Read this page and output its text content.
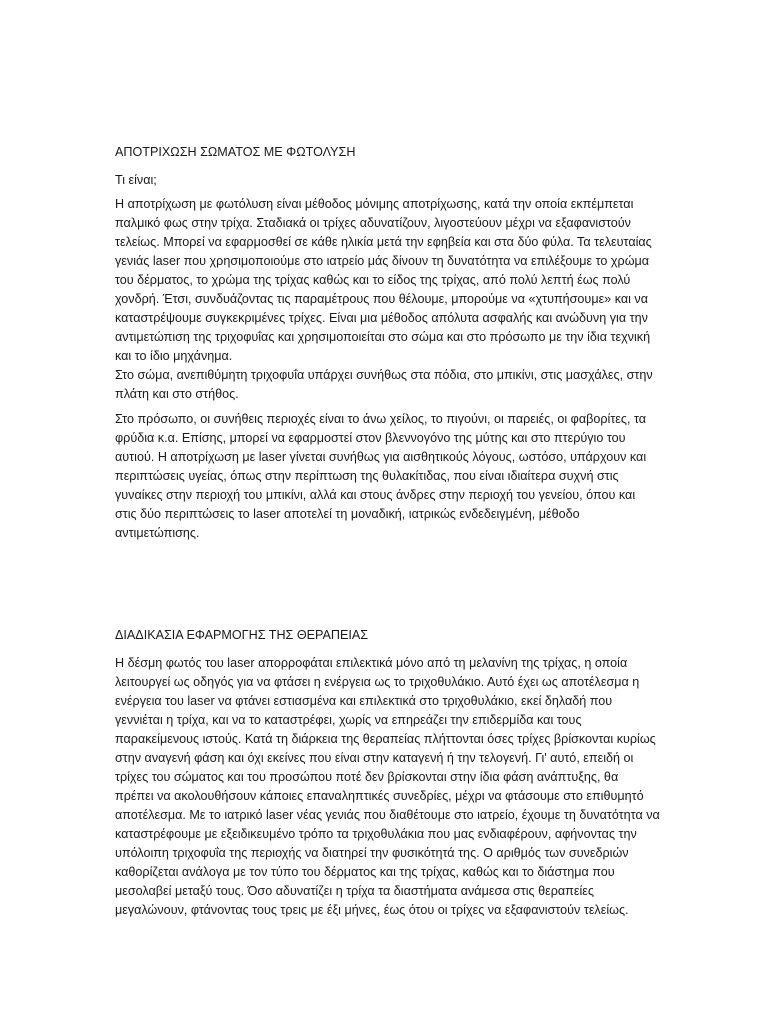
ΑΠΟΤΡΙΧΩΣΗ ΣΩΜΑΤΟΣ ΜΕ ΦΩΤΟΛΥΣΗ

Τι είναι;

Η αποτρίχωση με φωτόλυση είναι μέθοδος μόνιμης αποτρίχωσης, κατά την οποία εκπέμπεται παλμικό φως στην τρίχα. Σταδιακά οι τρίχες αδυνατίζουν, λιγοστεύουν μέχρι να εξαφανιστούν τελείως. Μπορεί να εφαρμοσθεί σε κάθε ηλικία μετά την εφηβεία και στα δύο φύλα. Τα τελευταίας γενιάς laser που χρησιμοποιούμε στο ιατρείο μάς δίνουν τη δυνατότητα να επιλέξουμε το χρώμα του δέρματος, το χρώμα της τρίχας καθώς και το είδος της τρίχας, από πολύ λεπτή έως πολύ χονδρή. Έτσι, συνδυάζοντας τις παραμέτρους που θέλουμε, μπορούμε να «χτυπήσουμε» και να καταστρέψουμε συγκεκριμένες τρίχες. Είναι μια μέθοδος απόλυτα ασφαλής και ανώδυνη για την αντιμετώπιση της τριχοφυΐας και χρησιμοποιείται στο σώμα και στο πρόσωπο με την ίδια τεχνική και το ίδιο μηχάνημα.

Στο σώμα, ανεπιθύμητη τριχοφυΐα υπάρχει συνήθως στα πόδια, στο μπικίνι, στις μασχάλες, στην πλάτη και στο στήθος.

Στο πρόσωπο, οι συνήθεις περιοχές είναι το άνω χείλος, το πιγούνι, οι παρειές, οι φαβορίτες, τα φρύδια κ.α. Επίσης, μπορεί να εφαρμοστεί στον βλεννογόνο της μύτης και στο πτερύγιο του αυτιού. Η αποτρίχωση με laser γίνεται συνήθως για αισθητικούς λόγους, ωστόσο, υπάρχουν και περιπτώσεις υγείας, όπως στην περίπτωση της θυλακίτιδας, που είναι ιδιαίτερα συχνή στις γυναίκες στην περιοχή του μπικίνι, αλλά και στους άνδρες στην περιοχή του γενείου, όπου και στις δύο περιπτώσεις το laser αποτελεί τη μοναδική, ιατρικώς ενδεδειγμένη, μέθοδο αντιμετώπισης.

ΔΙΑΔΙΚΑΣΙΑ ΕΦΑΡΜΟΓΗΣ ΤΗΣ ΘΕΡΑΠΕΙΑΣ

Η δέσμη φωτός του laser απορροφάται επιλεκτικά μόνο από τη μελανίνη της τρίχας, η οποία λειτουργεί ως οδηγός για να φτάσει η ενέργεια ως το τριχοθυλάκιο. Αυτό έχει ως αποτέλεσμα η ενέργεια του laser να φτάνει εστιασμένα και επιλεκτικά στο τριχοθυλάκιο, εκεί δηλαδή που γεννιέται η τρίχα, και να το καταστρέφει, χωρίς να επηρεάζει την επιδερμίδα και τους παρακείμενους ιστούς. Κατά τη διάρκεια της θεραπείας πλήττονται όσες τρίχες βρίσκονται κυρίως στην αναγενή φάση και όχι εκείνες που είναι στην καταγενή ή την τελογενή. Γι' αυτό, επειδή οι τρίχες του σώματος και του προσώπου ποτέ δεν βρίσκονται στην ίδια φάση ανάπτυξης, θα πρέπει να ακολουθήσουν κάποιες επαναληπτικές συνεδρίες, μέχρι να φτάσουμε στο επιθυμητό αποτέλεσμα. Με το ιατρικό laser νέας γενιάς που διαθέτουμε στο ιατρείο, έχουμε τη δυνατότητα να καταστρέφουμε με εξειδικευμένο τρόπο τα τριχοθυλάκια που μας ενδιαφέρουν, αφήνοντας την υπόλοιπη τριχοφυΐα της περιοχής να διατηρεί την φυσικότητά της. Ο αριθμός των συνεδριών καθορίζεται ανάλογα με τον τύπο του δέρματος και της τρίχας, καθώς και το διάστημα που μεσολαβεί μεταξύ τους. Όσο αδυνατίζει η τρίχα τα διαστήματα ανάμεσα στις θεραπείες μεγαλώνουν, φτάνοντας τους τρεις με έξι μήνες, έως ότου οι τρίχες να εξαφανιστούν τελείως.
